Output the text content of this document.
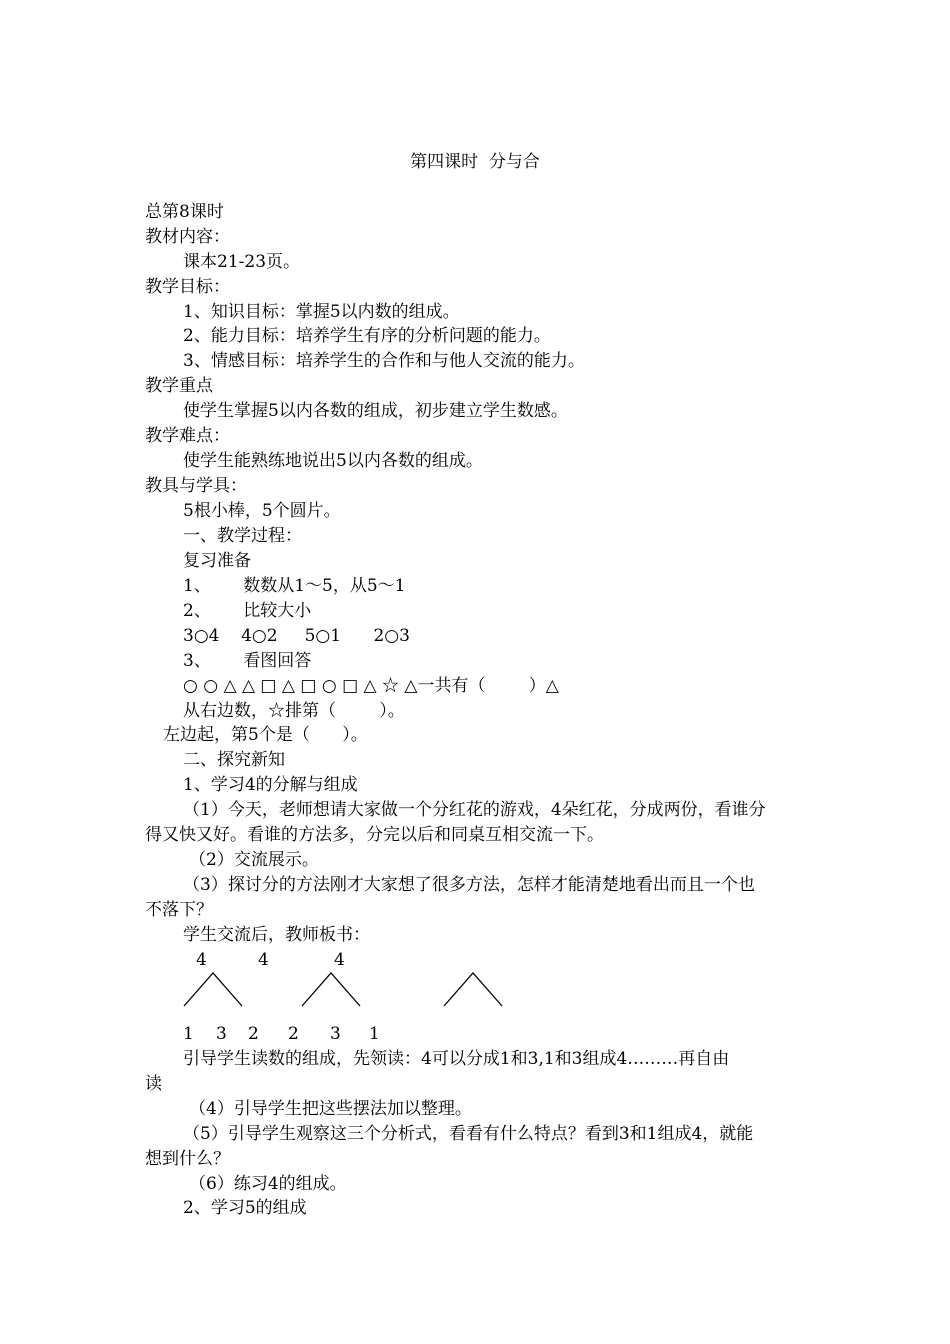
第四课时  分与合
总第8课时
教材内容：
课本21-23页。
教学目标：
1、知识目标：掌握5以内数的组成。
2、能力目标：培养学生有序的分析问题的能力。
3、情感目标：培养学生的合作和与他人交流的能力。
教学重点
使学生掌握5以内各数的组成，初步建立学生数感。
教学难点：
使学生能熟练地说出5以内各数的组成。
教具与学具：
5根小棒，5个圆片。
一、教学过程：
复习准备
1、      数数从1～5，从5～1
2、      比较大小
3○4    4○2     5○1      2○3
3、      看图回答
○ ○ △ △ □ △ □ ○ □ △ ☆ △一共有（        ）△
从右边数，☆排第（        ）。
左边起，第5个是（      ）。
二、探究新知
1、学习4的分解与组成
（1）今天，老师想请大家做一个分红花的游戏，4朵红花，分成两份，看谁分
得又快又好。看谁的方法多，分完以后和同桌互相交流一下。
（2）交流展示。
（3）探讨分的方法刚才大家想了很多方法，怎样才能清楚地看出而且一个也
不落下？
学生交流后，教师板书：
4	4	4
1 3 2 2 3 1
引导学生读数的组成，先领读：4可以分成1和3,1和3组成4………再自由
读
（4）引导学生把这些摆法加以整理。
（5）引导学生观察这三个分析式，看看有什么特点？看到3和1组成4，就能
想到什么？
（6）练习4的组成。
2、学习5的组成
